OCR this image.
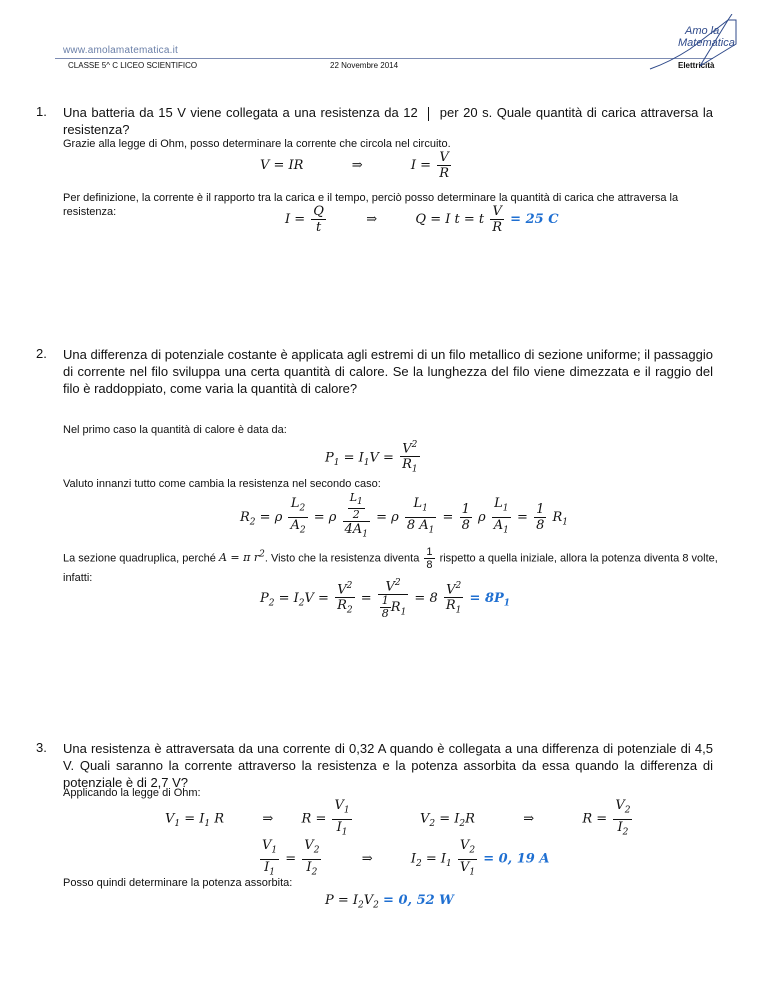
www.amolamatematica.it
CLASSE 5^ C LICEO SCIENTIFICO	22 Novembre 2014	Elettricità
Amo la
Matematica
1. Una batteria da 15 V viene collegata a una resistenza da 12 per 20 s. Quale quantità di carica attraversa la resistenza?
Grazie alla legge di Ohm, posso determinare la corrente che circola nel circuito.
V = IR	⇒	$I = \frac{V}{R}$
Per definizione, la corrente è il rapporto tra la carica e il tempo, perciò posso determinare la quantità di carica che attraversa la resistenza:	$I = \frac{Q}{t}$	⇒  Q = I t = t $\frac{V}{R} = 25$ C
2. Una differenza di potenziale costante è applicata agli estremi di un filo metallico di sezione uniforme; il passaggio di corrente nel filo sviluppa una certa quantità di calore. Se la lunghezza del filo viene dimezzata e il raggio del filo è raddoppiato, come varia la quantità di calore?
Nel primo caso la quantità di calore è data da:
$P_1 = I_1V = \frac{V^2}{R_1}$
Valuto innanzi tutto come cambia la resistenza nel secondo caso:
$R_2 = \rho \frac{L_2}{A_2} = \rho \frac{\frac{L_1}{2}}{4A_1} = \rho \frac{L_1}{8 A_1} = \frac{1}{8}$ ρ $\frac{L_1}{A_1} = \frac{1}{8} R_1$
La sezione quadruplica, perché A = π $r^2$. Visto che la resistenza diventa $\frac{1}{8}$ rispetto a quella iniziale, allora la potenza diventa 8 volte, infatti:
$P_2 = I_2V = \frac{V^2}{R_2} = \frac{V^2}{\frac{1}{8} R_1} = 8 \frac{V^2}{R_1} = 8P_1$
3. Una resistenza è attraversata da una corrente di 0,32 A quando è collegata a una differenza di potenziale di 4,5 V. Quali saranno la corrente attraverso la resistenza e la potenza assorbita da essa quando la differenza di potenziale è di 2,7 V?
Applicando la legge di Ohm:
$V_1 = I_1$ R  ⇒  $R = \frac{V_1}{I_1}$	$V_2 = I_2R$	⇒	$R = \frac{V_2}{I_2}$
$\frac{V_1}{I_1} = \frac{V_2}{I_2}$	⇒  $I_2 = I_1 \frac{V_2}{V_1} = 0$, 19 A
Posso quindi determinare la potenza assorbita:
$P = I_2V_2 = 0$, 52 W
